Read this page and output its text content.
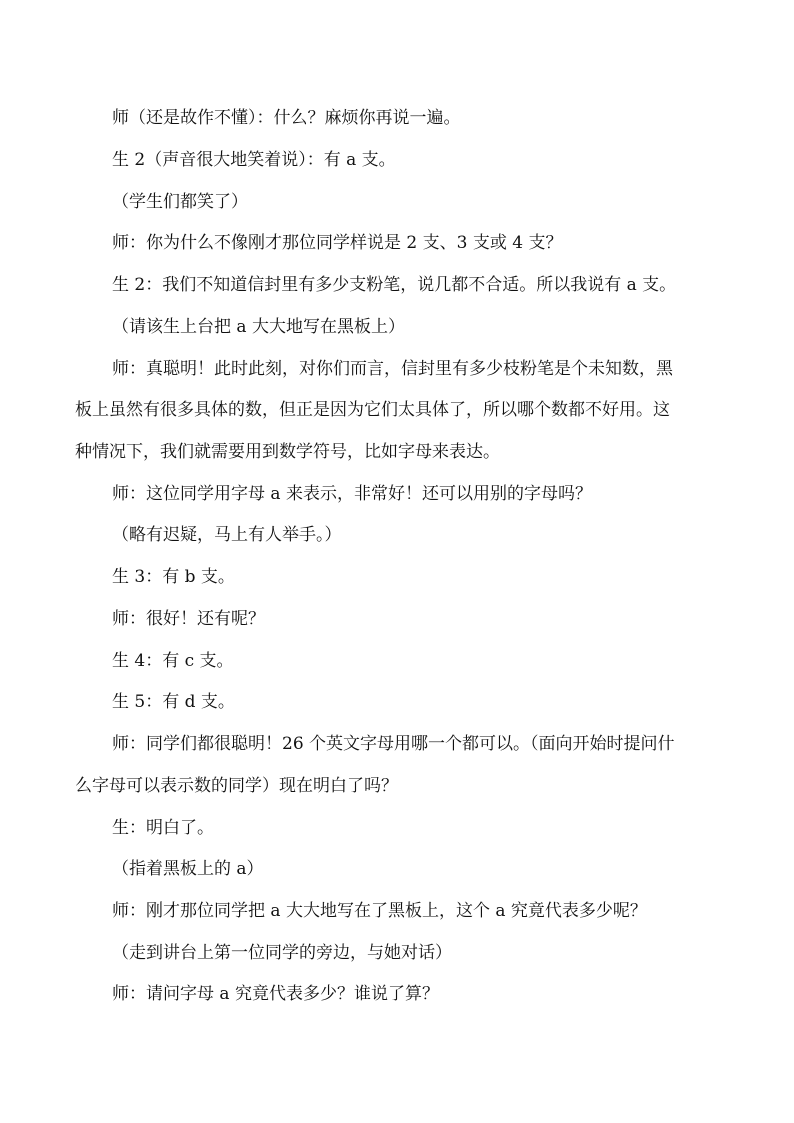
师（还是故作不懂）：什么？麻烦你再说一遍。
生 2（声音很大地笑着说）：有 a 支。
（学生们都笑了）
师：你为什么不像刚才那位同学样说是 2 支、3 支或 4 支？
生 2：我们不知道信封里有多少支粉笔，说几都不合适。所以我说有 a 支。
（请该生上台把 a 大大地写在黑板上）
师：真聪明！此时此刻，对你们而言，信封里有多少枝粉笔是个未知数，黑
板上虽然有很多具体的数，但正是因为它们太具体了，所以哪个数都不好用。这
种情况下，我们就需要用到数学符号，比如字母来表达。
师：这位同学用字母 a 来表示，非常好！还可以用别的字母吗？
（略有迟疑，马上有人举手。）
生 3：有 b 支。
师：很好！还有呢？
生 4：有 c 支。
生 5：有 d 支。
师：同学们都很聪明！26 个英文字母用哪一个都可以。（面向开始时提问什
么字母可以表示数的同学）现在明白了吗？
生：明白了。
（指着黑板上的 a）
师：刚才那位同学把 a 大大地写在了黑板上，这个 a 究竟代表多少呢？
（走到讲台上第一位同学的旁边，与她对话）
师：请问字母 a 究竟代表多少？谁说了算？
